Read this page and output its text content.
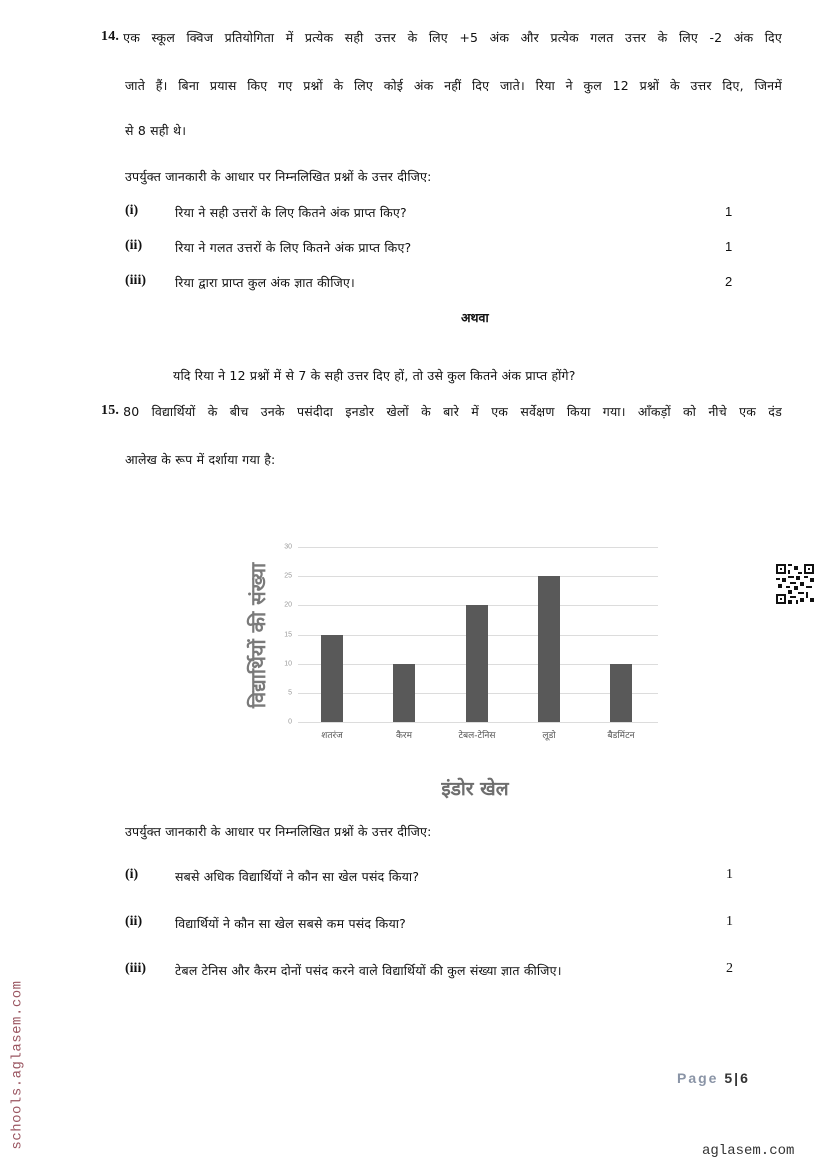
14. एक स्कूल क्विज प्रतियोगिता में प्रत्येक सही उत्तर के लिए +5 अंक और प्रत्येक गलत उत्तर के लिए -2 अंक दिए
जाते हैं। बिना प्रयास किए गए प्रश्नों के लिए कोई अंक नहीं दिए जाते। रिया ने कुल 12 प्रश्नों के उत्तर दिए, जिनमें
से 8 सही थे।
उपर्युक्त जानकारी के आधार पर निम्नलिखित प्रश्नों के उत्तर दीजिए:
(i)	रिया ने सही उत्तरों के लिए कितने अंक प्राप्त किए?	1
(ii)	रिया ने गलत उत्तरों के लिए कितने अंक प्राप्त किए?	1
(iii) रिया द्वारा प्राप्त कुल अंक ज्ञात कीजिए।	2
अथवा
यदि रिया ने 12 प्रश्नों में से 7 के सही उत्तर दिए हों, तो उसे कुल कितने अंक प्राप्त होंगे?
15. 80 विद्यार्थियों के बीच उनके पसंदीदा इनडोर खेलों के बारे में एक सर्वेक्षण किया गया। आँकड़ों को नीचे एक दंड
आलेख के रूप में दर्शाया गया है:
विद्यार्थियों की संख्या
30
25
20
15
10
5
0
शतरंज	कैरम	टेबल-टेनिस	लूडो	बैडमिंटन
इंडोर खेल
उपर्युक्त जानकारी के आधार पर निम्नलिखित प्रश्नों के उत्तर दीजिए:
(i)	सबसे अधिक विद्यार्थियों ने कौन सा खेल पसंद किया?	1
(ii)	विद्यार्थियों ने कौन सा खेल सबसे कम पसंद किया?	1
(iii) टेबल टेनिस और कैरम दोनों पसंद करने वाले विद्यार्थियों की कुल संख्या ज्ञात कीजिए।	2
Page 5|6
schools.aglasem.com
aglasem.com
